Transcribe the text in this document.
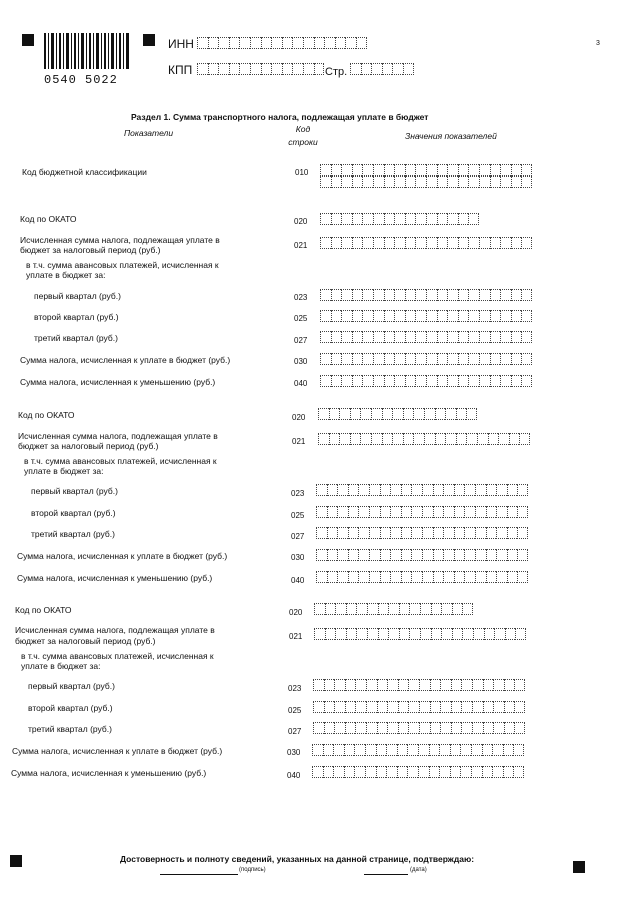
0540 5022
ИНН
КПП	Стр.
3
Раздел 1. Сумма транспортного налога, подлежащая уплате в бюджет
Показатели	Код
строки
Значения показателей
Код бюджетной классификации	010
Код по ОКАТО	020
Исчисленная сумма налога, подлежащая уплате в
бюджет за налоговый период (руб.)	021
в т.ч. сумма авансовых платежей, исчисленная к
уплате в бюджет за:
первый квартал (руб.)	023
второй квартал (руб.)	025
третий квартал (руб.)	027
Сумма налога, исчисленная к уплате в бюджет (руб.)	030
Сумма налога, исчисленная к уменьшению (руб.)	040
Код по ОКАТО	020
Исчисленная сумма налога, подлежащая уплате в
бюджет за налоговый период (руб.)	021
в т.ч. сумма авансовых платежей, исчисленная к
уплате в бюджет за:
первый квартал (руб.)	023
второй квартал (руб.)	025
третий квартал (руб.)	027
Сумма налога, исчисленная к уплате в бюджет (руб.)	030
Сумма налога, исчисленная к уменьшению (руб.)	040
Код по ОКАТО	020
Исчисленная сумма налога, подлежащая уплате в
бюджет за налоговый период (руб.)	021
в т.ч. сумма авансовых платежей, исчисленная к
уплате в бюджет за:
первый квартал (руб.)	023
второй квартал (руб.)	025
третий квартал (руб.)	027
Сумма налога, исчисленная к уплате в бюджет (руб.)	030
Сумма налога, исчисленная к уменьшению (руб.)	040
Достоверность и полноту сведений, указанных на данной странице, подтверждаю:
(подпись)	(дата)
